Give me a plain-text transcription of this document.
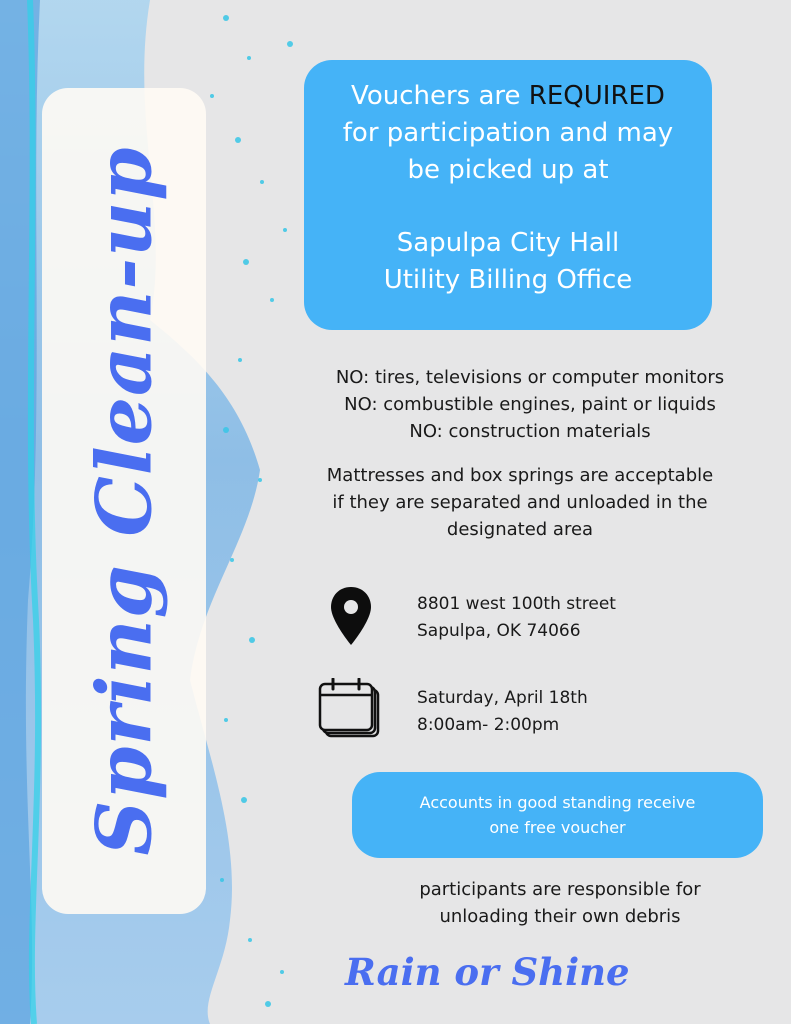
Spring Clean-up
Vouchers are REQUIRED
for participation and may
be picked up at
Sapulpa City Hall
Utility Billing Office
NO: tires, televisions or computer monitors
NO: combustible engines, paint or liquids
NO: construction materials
Mattresses and box springs are acceptable
if they are separated and unloaded in the
designated area
8801 west 100th street
Sapulpa, OK 74066
Saturday, April 18th
8:00am- 2:00pm
Accounts in good standing receive
one free voucher
participants are responsible for
unloading their own debris
Rain or Shine
